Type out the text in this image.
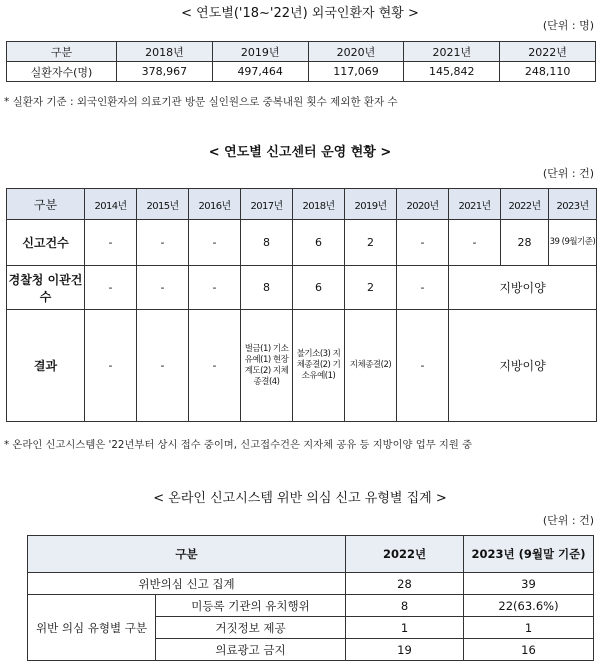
< 연도별('18~'22년) 외국인환자 현황 >
(단위 : 명)
구분	2018년	2019년	2020년	2021년	2022년
실환자수(명)	378,967	497,464	117,069	145,842	248,110
* 실환자 기준 : 외국인환자의 의료기관 방문 실인원으로 중복내원 횟수 제외한 환자 수
< 연도별 신고센터 운영 현황 >
(단위 : 건)
구분	2014년	2015년	2016년	2017년	2018년	2019년	2020년	2021년	2022년	2023년
신고건수	-	-	-	8	6	2	-	-	28	39 (9월기준)
경찰청 이관건수	-	-	-	8	6	2	-	지방이양		
결과	-	-	-	벌금(1) 기소유예(1) 현장계도(2) 지체종결(4)	불기소(3) 지체종결(2) 기소유예(1)	지체종결(2)	-	지방이양		
* 온라인 신고시스템은 '22년부터 상시 접수 중이며, 신고접수건은 지자체 공유 등 지방이양 업무 지원 중
< 온라인 신고시스템 위반 의심 신고 유형별 집계 >
(단위 : 건)
구분		2022년	2023년 (9월말 기준)
위반의심 신고 집계		28	39
위반 의심 유형별 구분	미등록 기관의 유치행위	8	22(63.6%)
	거짓정보 제공	1	1
	의료광고 금지	19	16
